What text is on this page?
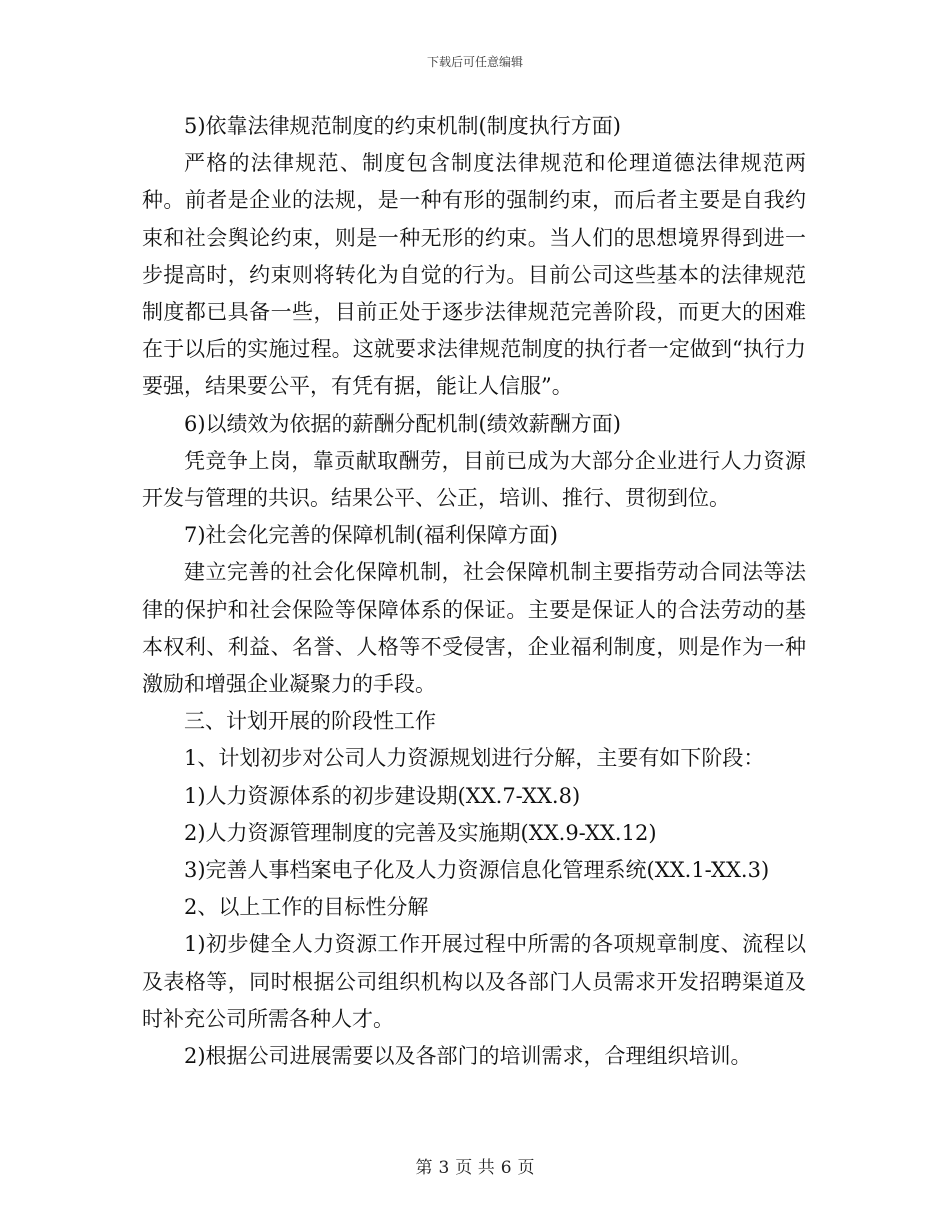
下载后可任意编辑

5)依靠法律规范制度的约束机制(制度执行方面)

严格的法律规范、制度包含制度法律规范和伦理道德法律规范两种。前者是企业的法规，是一种有形的强制约束，而后者主要是自我约束和社会舆论约束，则是一种无形的约束。当人们的思想境界得到进一步提高时，约束则将转化为自觉的行为。目前公司这些基本的法律规范制度都已具备一些，目前正处于逐步法律规范完善阶段，而更大的困难在于以后的实施过程。这就要求法律规范制度的执行者一定做到“执行力要强，结果要公平，有凭有据，能让人信服”。

6)以绩效为依据的薪酬分配机制(绩效薪酬方面)

凭竞争上岗，靠贡献取酬劳，目前已成为大部分企业进行人力资源开发与管理的共识。结果公平、公正，培训、推行、贯彻到位。

7)社会化完善的保障机制(福利保障方面)

建立完善的社会化保障机制，社会保障机制主要指劳动合同法等法律的保护和社会保险等保障体系的保证。主要是保证人的合法劳动的基本权利、利益、名誉、人格等不受侵害，企业福利制度，则是作为一种激励和增强企业凝聚力的手段。

三、计划开展的阶段性工作

1、计划初步对公司人力资源规划进行分解，主要有如下阶段：

1)人力资源体系的初步建设期(XX.7-XX.8)

2)人力资源管理制度的完善及实施期(XX.9-XX.12)

3)完善人事档案电子化及人力资源信息化管理系统(XX.1-XX.3)

2、以上工作的目标性分解

1)初步健全人力资源工作开展过程中所需的各项规章制度、流程以及表格等，同时根据公司组织机构以及各部门人员需求开发招聘渠道及时补充公司所需各种人才。

2)根据公司进展需要以及各部门的培训需求，合理组织培训。

第 3 页 共 6 页
